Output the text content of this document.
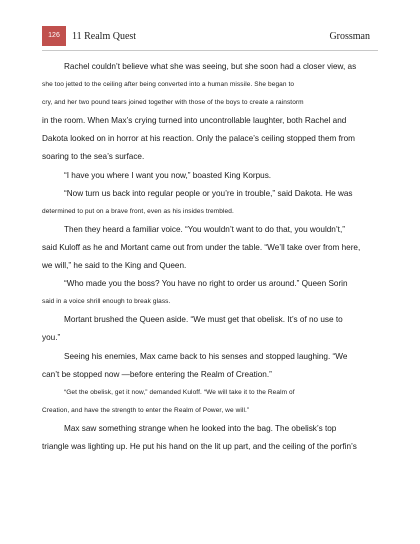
126	11 Realm Quest	Grossman

Rachel couldn’t believe what she was seeing, but she soon had a closer view, as

she too jetted to the ceiling after being converted into a human missile. She began to

cry, and her two pound tears joined together with those of the boys to create a rainstorm

in the room. When Max’s crying turned into uncontrollable laughter, both Rachel and

Dakota looked on in horror at his reaction. Only the palace’s ceiling stopped them from

soaring to the sea’s surface.

“I have you where I want you now,” boasted King Korpus.

“Now turn us back into regular people or you’re in trouble,” said Dakota. He was

determined to put on a brave front, even as his insides trembled.

Then they heard a familiar voice. “You wouldn’t want to do that, you wouldn’t,”

said Kuloff as he and Mortant came out from under the table. “We’ll take over from here,

we will,” he said to the King and Queen.

“Who made you the boss? You have no right to order us around.” Queen Sorin

said in a voice shrill enough to break glass.

Mortant brushed the Queen aside. “We must get that obelisk. It’s of no use to

you.”

Seeing his enemies, Max came back to his senses and stopped laughing. “We

can’t be stopped now —before entering the Realm of Creation.”

“Get the obelisk, get it now,” demanded Kuloff. “We will take it to the Realm of

Creation, and have the strength to enter the Realm of Power, we will.”

Max saw something strange when he looked into the bag. The obelisk’s top

triangle was lighting up. He put his hand on the lit up part, and the ceiling of the porfin’s
